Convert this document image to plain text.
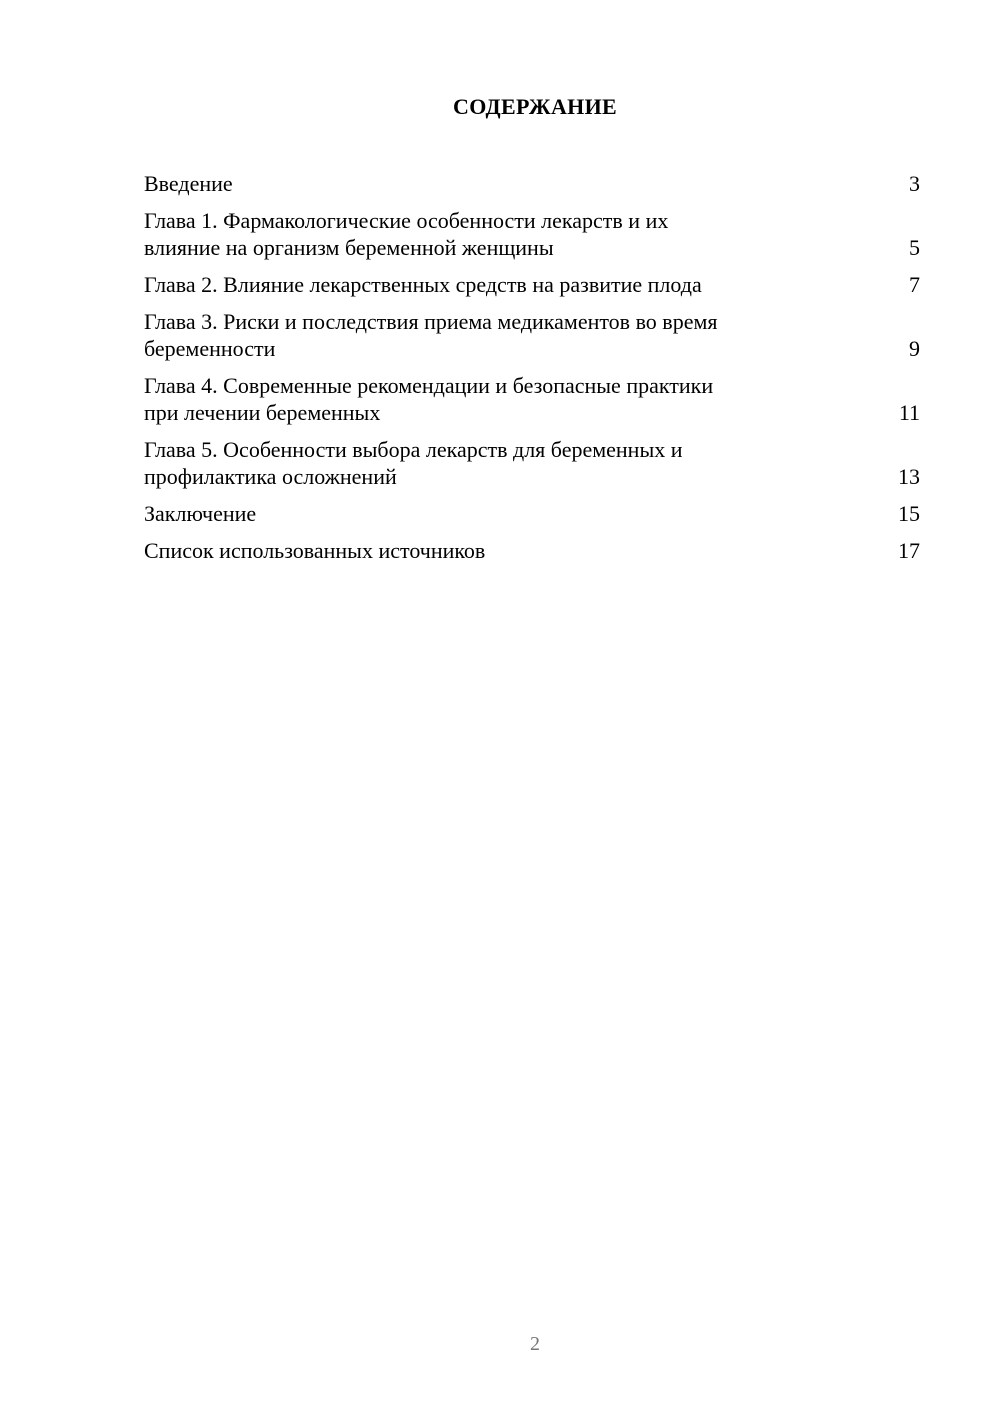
СОДЕРЖАНИЕ
Введение	3
Глава 1. Фармакологические особенности лекарств и их
влияние на организм беременной женщины	5
Глава 2. Влияние лекарственных средств на развитие плода	7
Глава 3. Риски и последствия приема медикаментов во время
беременности	9
Глава 4. Современные рекомендации и безопасные практики
при лечении беременных	11
Глава 5. Особенности выбора лекарств для беременных и
профилактика осложнений	13
Заключение	15
Список использованных источников	17
2
